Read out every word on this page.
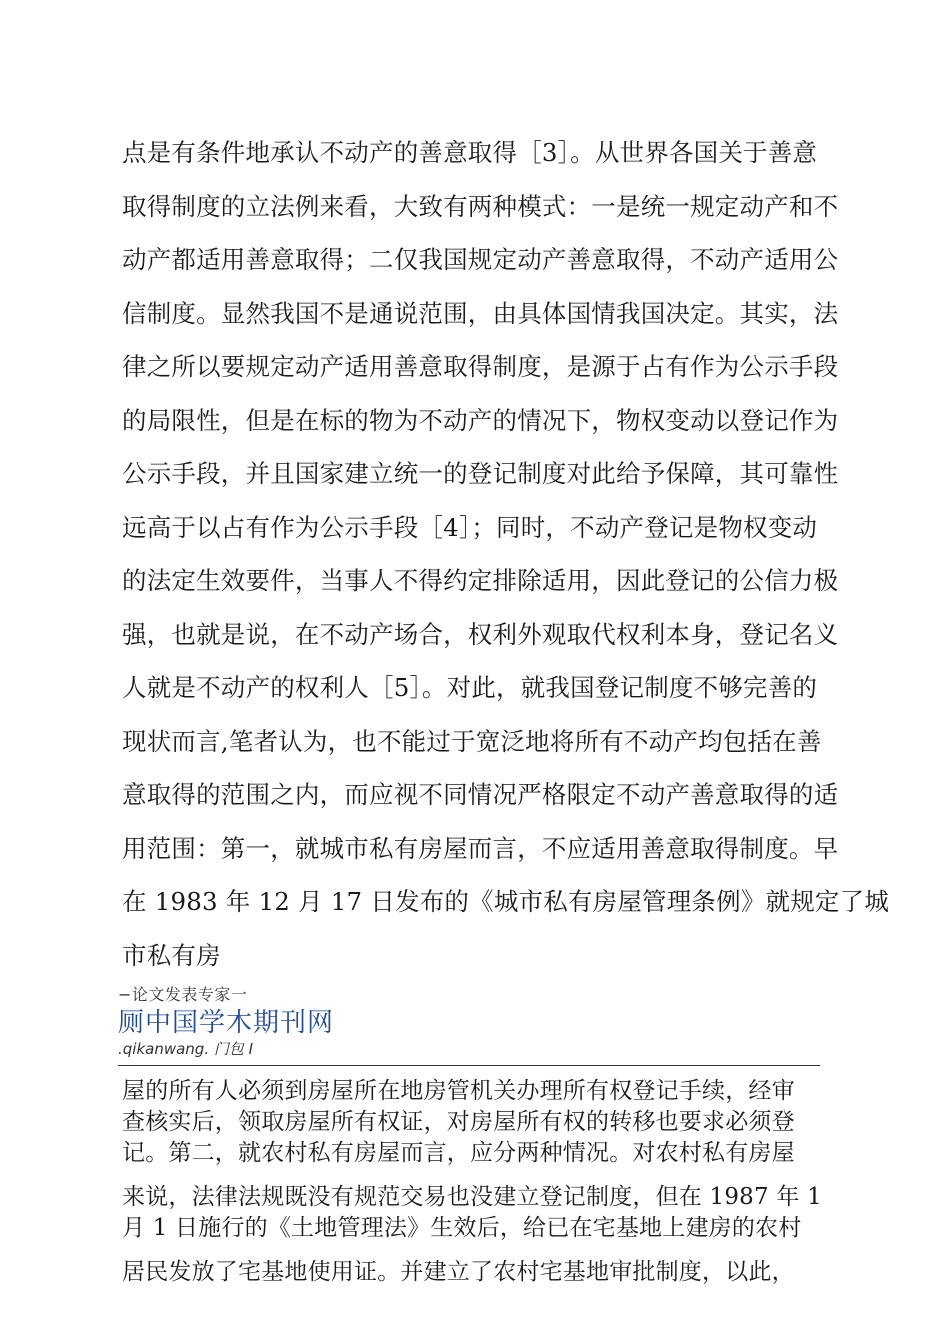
点是有条件地承认不动产的善意取得［3］。从世界各国关于善意
取得制度的立法例来看，大致有两种模式：一是统一规定动产和不
动产都适用善意取得；二仅我国规定动产善意取得，不动产适用公
信制度。显然我国不是通说范围，由具体国情我国决定。其实，法
律之所以要规定动产适用善意取得制度，是源于占有作为公示手段
的局限性，但是在标的物为不动产的情况下，物权变动以登记作为
公示手段，并且国家建立统一的登记制度对此给予保障，其可靠性
远高于以占有作为公示手段［4］；同时，不动产登记是物权变动
的法定生效要件，当事人不得约定排除适用，因此登记的公信力极
强，也就是说，在不动产场合，权利外观取代权利本身，登记名义
人就是不动产的权利人［5］。对此，就我国登记制度不够完善的
现状而言,笔者认为，也不能过于宽泛地将所有不动产均包括在善
意取得的范围之内，而应视不同情况严格限定不动产善意取得的适
用范围：第一，就城市私有房屋而言，不应适用善意取得制度。早
在 1983 年 12 月 17 日发布的《城市私有房屋管理条例》就规定了城
市私有房
−论文发表专家一
厕中国学木期刊网
.qikanwang. 门包 I
屋的所有人必须到房屋所在地房管机关办理所有权登记手续，经审
查核实后，领取房屋所有权证，对房屋所有权的转移也要求必须登
记。第二，就农村私有房屋而言，应分两种情况。对农村私有房屋
来说，法律法规既没有规范交易也没建立登记制度，但在 1987 年 1
月 1 日施行的《土地管理法》生效后，给已在宅基地上建房的农村
居民发放了宅基地使用证。并建立了农村宅基地审批制度，以此，
